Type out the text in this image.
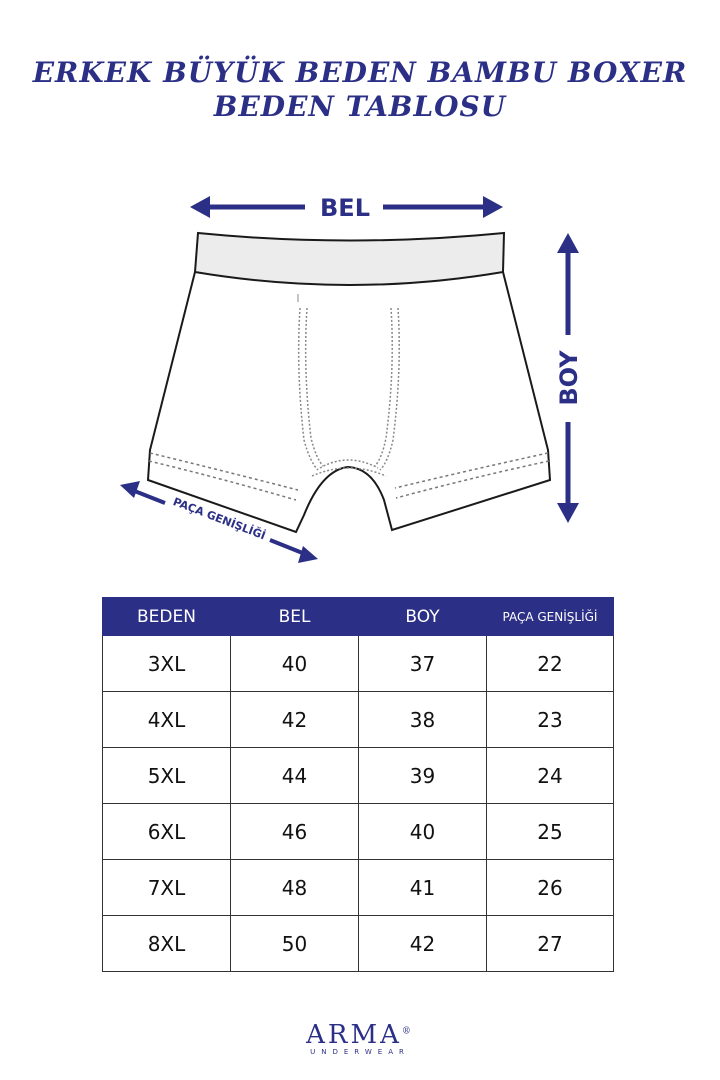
ERKEK BÜYÜK BEDEN BAMBU BOXER
BEDEN TABLOSU
BEL
BOY
PAÇA GENİŞLİĞİ
BEDEN	BEL	BOY	PAÇA GENİŞLİĞİ
3XL	40	37	22
4XL	42	38	23
5XL	44	39	24
6XL	46	40	25
7XL	48	41	26
8XL	50	42	27
ARMA®
UNDERWEAR
